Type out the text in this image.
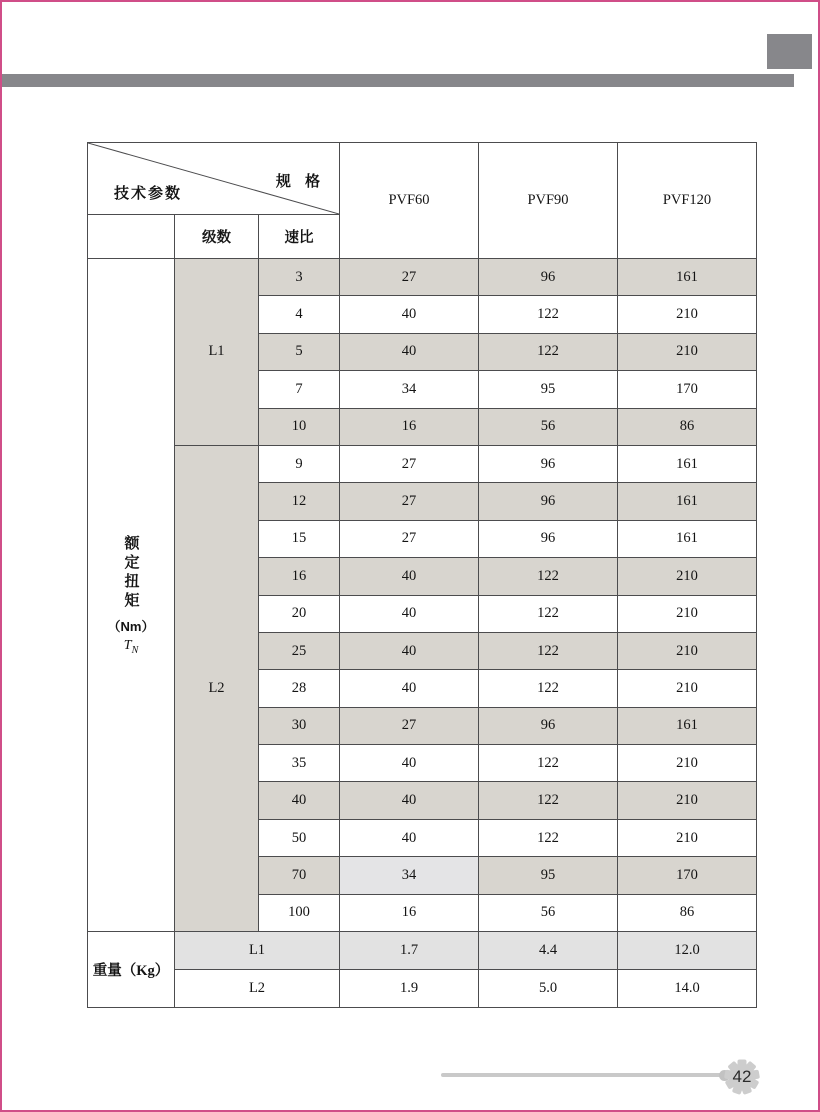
规 格
技术参数			PVF60	PVF90	PVF120
	级数	速比			

额定扭矩
（Nm）
$T_N$	L1	3	27	96	161
		4	40	122	210
		5	40	122	210
		7	34	95	170
		10	16	56	86
	L2	9	27	96	161
		12	27	96	161
		15	27	96	161
		16	40	122	210
		20	40	122	210
		25	40	122	210
		28	40	122	210
		30	27	96	161
		35	40	122	210
		40	40	122	210
		50	40	122	210
		70	34	95	170
		100	16	56	86
重量（Kg）	L1		1.7	4.4	12.0
	L2		1.9	5.0	14.0
42
